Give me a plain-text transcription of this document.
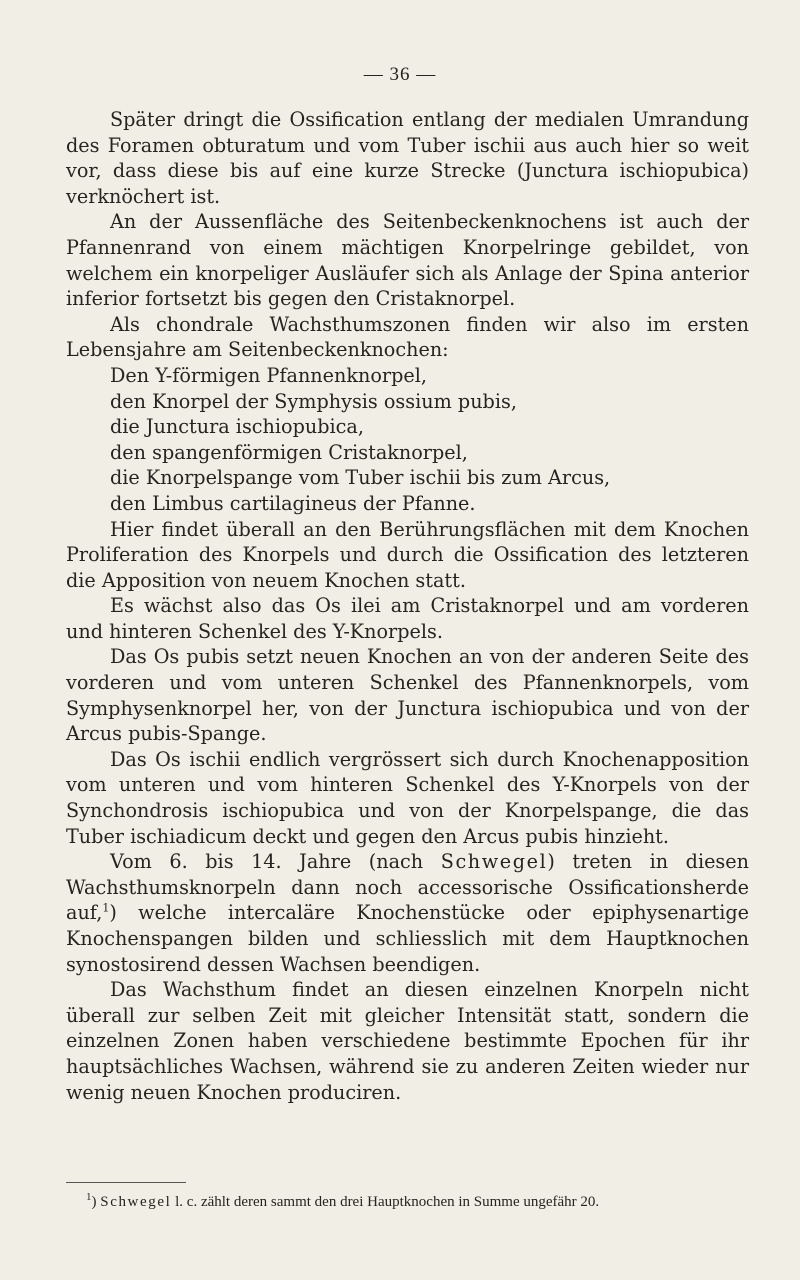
— 36 —

Später dringt die Ossification entlang der medialen Umrandung des Foramen obturatum und vom Tuber ischii aus auch hier so weit vor, dass diese bis auf eine kurze Strecke (Junctura ischiopubica) verknöchert ist.

An der Aussenfläche des Seitenbeckenknochens ist auch der Pfannenrand von einem mächtigen Knorpelringe gebildet, von welchem ein knorpeliger Ausläufer sich als Anlage der Spina anterior inferior fortsetzt bis gegen den Cristaknorpel.

Als chondrale Wachsthumszonen finden wir also im ersten Lebensjahre am Seitenbeckenknochen:

Den Y-förmigen Pfannenknorpel,
den Knorpel der Symphysis ossium pubis,
die Junctura ischiopubica,
den spangenförmigen Cristaknorpel,
die Knorpelspange vom Tuber ischii bis zum Arcus,
den Limbus cartilagineus der Pfanne.

Hier findet überall an den Berührungsflächen mit dem Knochen Proliferation des Knorpels und durch die Ossification des letzteren die Apposition von neuem Knochen statt.

Es wächst also das Os ilei am Cristaknorpel und am vorderen und hinteren Schenkel des Y-Knorpels.

Das Os pubis setzt neuen Knochen an von der anderen Seite des vorderen und vom unteren Schenkel des Pfannenknorpels, vom Symphysenknorpel her, von der Junctura ischiopubica und von der Arcus pubis-Spange.

Das Os ischii endlich vergrössert sich durch Knochenapposition vom unteren und vom hinteren Schenkel des Y-Knorpels von der Synchondrosis ischiopubica und von der Knorpelspange, die das Tuber ischiadicum deckt und gegen den Arcus pubis hinzieht.

Vom 6. bis 14. Jahre (nach Schwegel) treten in diesen Wachsthumsknorpeln dann noch accessorische Ossificationsherde auf,$^1$) welche intercaläre Knochenstücke oder epiphysenartige Knochenspangen bilden und schliesslich mit dem Hauptknochen synostosirend dessen Wachsen beendigen.

Das Wachsthum findet an diesen einzelnen Knorpeln nicht überall zur selben Zeit mit gleicher Intensität statt, sondern die einzelnen Zonen haben verschiedene bestimmte Epochen für ihr hauptsächliches Wachsen, während sie zu anderen Zeiten wieder nur wenig neuen Knochen produciren.

$^1$) Schwegel l. c. zählt deren sammt den drei Hauptknochen in Summe ungefähr 20.
